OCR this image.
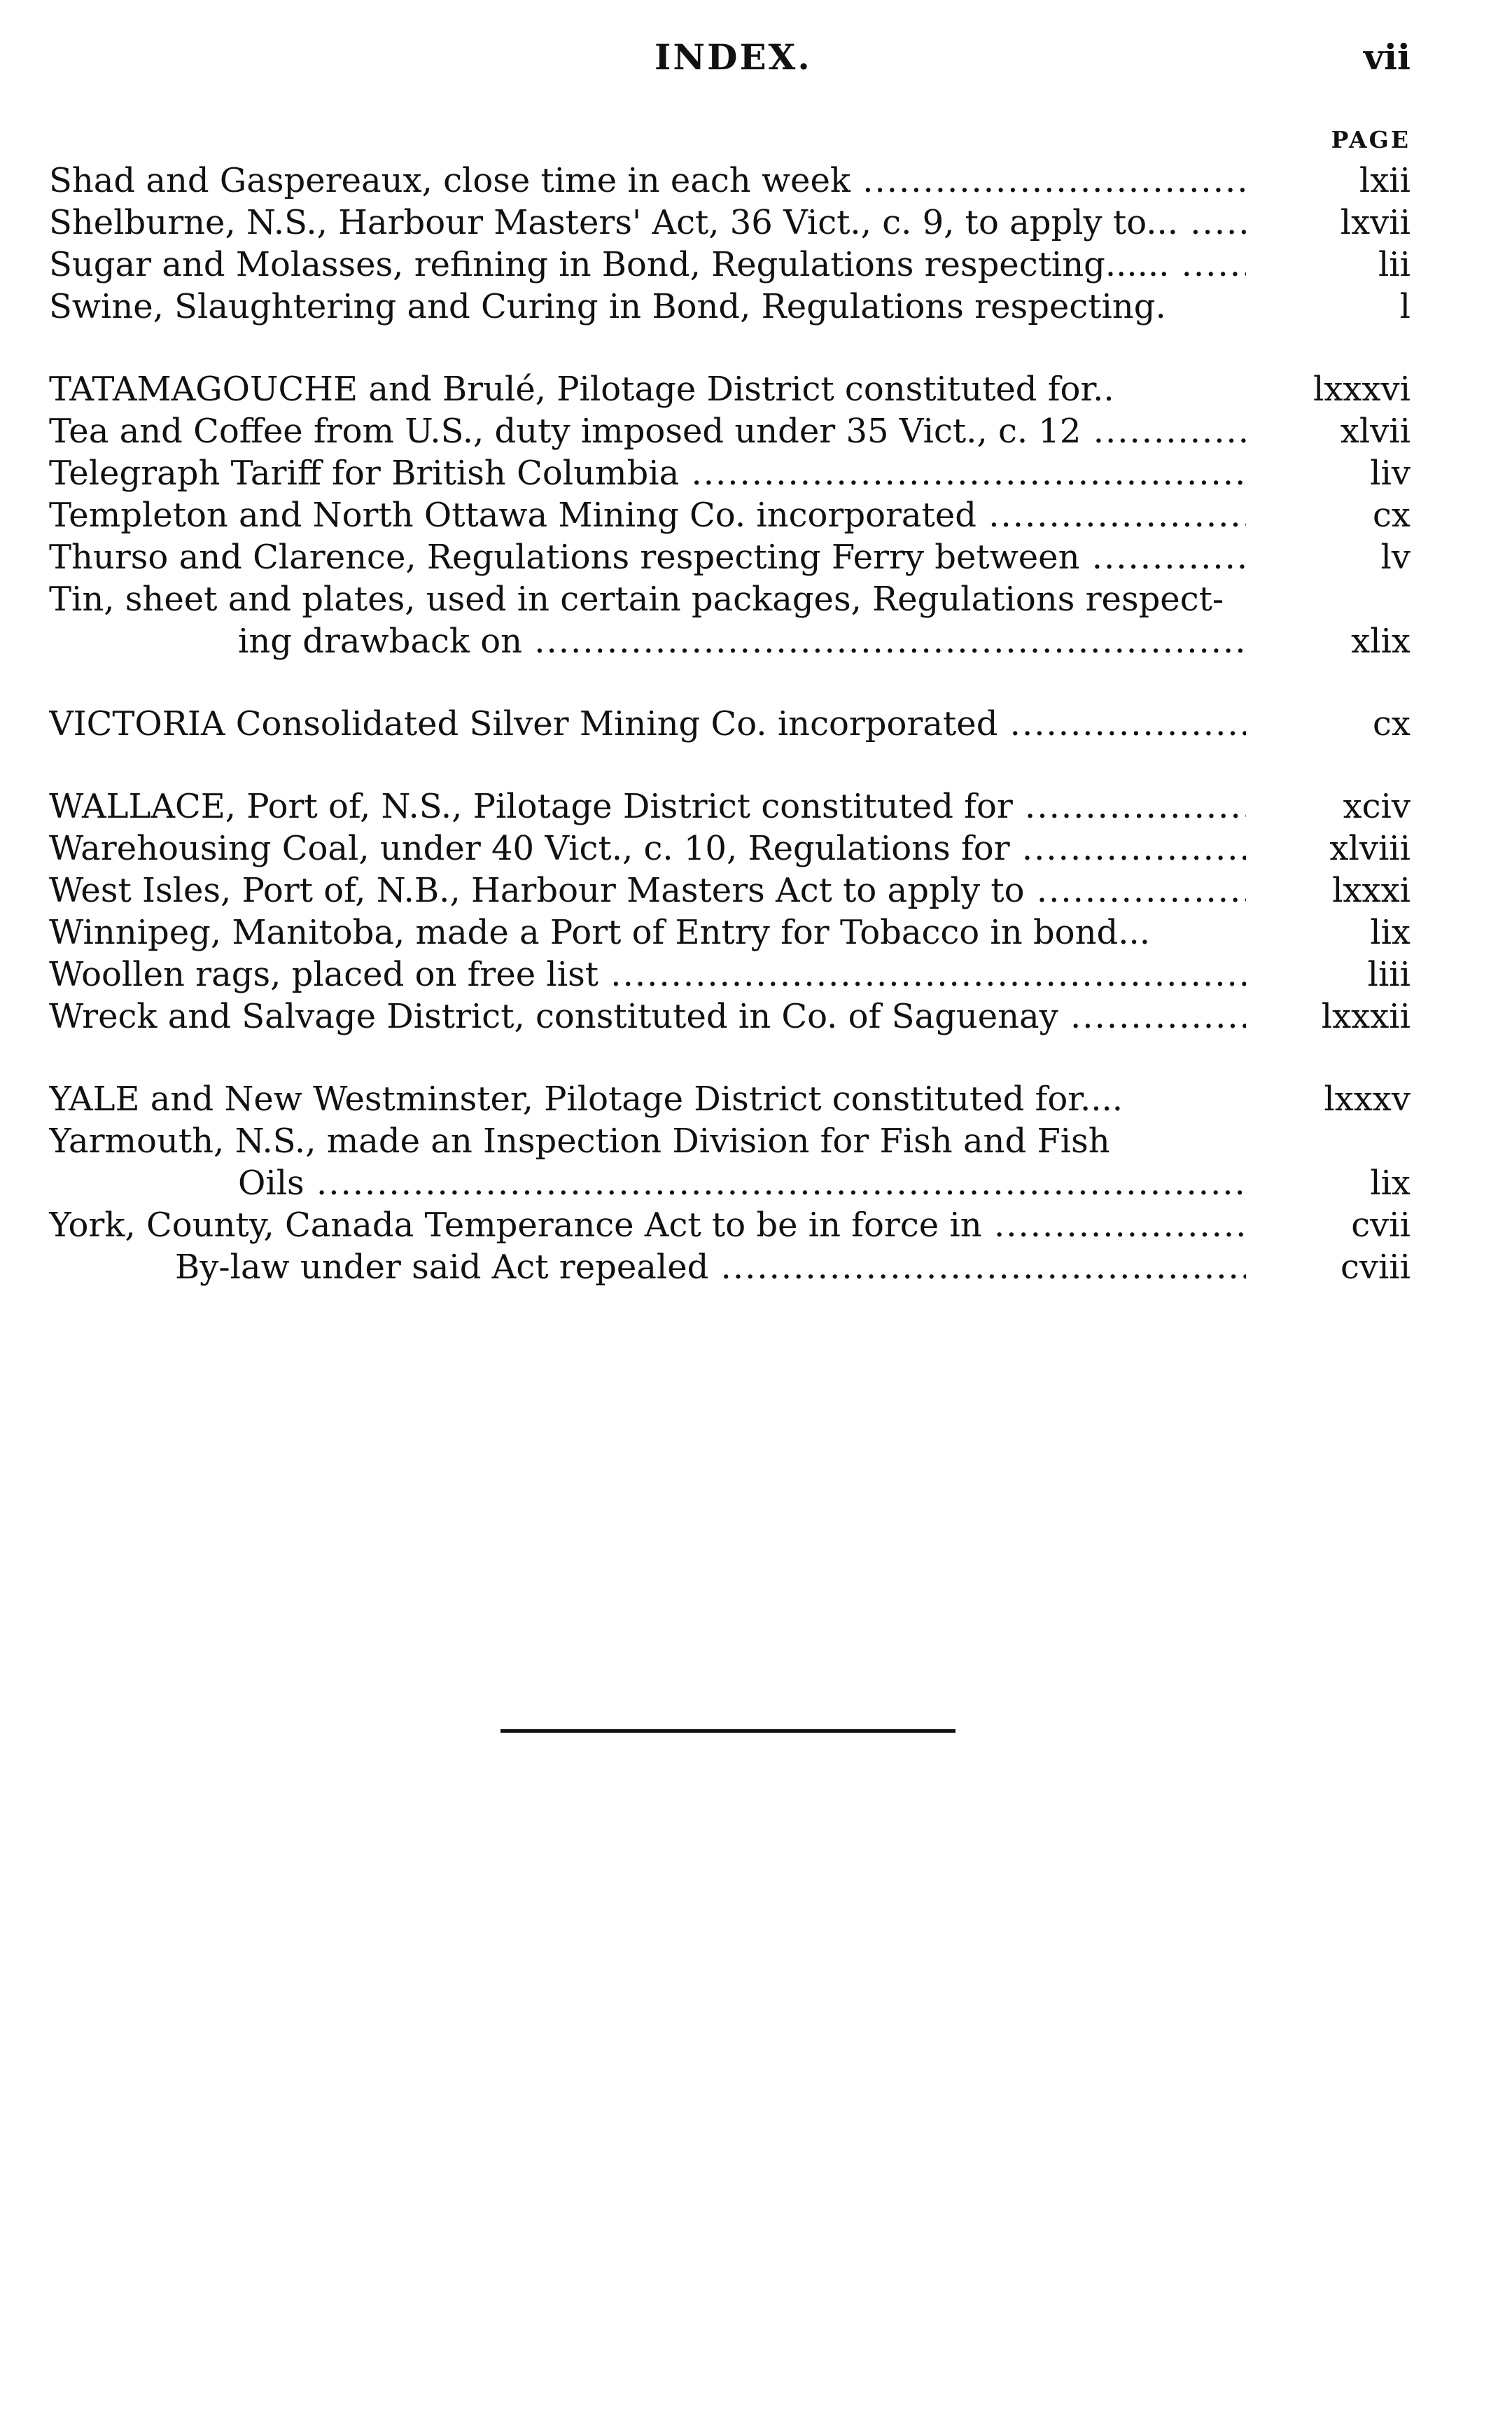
INDEX.	vii
PAGE
Shad and Gaspereaux, close time in each week .....	lxii
Shelburne, N.S., Harbour Masters' Act, 36 Vict., c. 9, to apply to... .....	lxvii
Sugar and Molasses, refining in Bond, Regulations respecting...... .....	lii
Swine, Slaughtering and Curing in Bond, Regulations respecting.	l
TATAMAGOUCHE and Brulé, Pilotage District constituted for..	lxxxvi
Tea and Coffee from U.S., duty imposed under 35 Vict., c. 12 .....	xlvii
Telegraph Tariff for British Columbia .....	liv
Templeton and North Ottawa Mining Co. incorporated .....	cx
Thurso and Clarence, Regulations respecting Ferry between .....	lv
Tin, sheet and plates, used in certain packages, Regulations respect-
ing drawback on .....	xlix
VICTORIA Consolidated Silver Mining Co. incorporated .....	cx
WALLACE, Port of, N.S., Pilotage District constituted for .....	xciv
Warehousing Coal, under 40 Vict., c. 10, Regulations for .....	xlviii
West Isles, Port of, N.B., Harbour Masters Act to apply to .....	lxxxi
Winnipeg, Manitoba, made a Port of Entry for Tobacco in bond...	lix
Woollen rags, placed on free list .....	liii
Wreck and Salvage District, constituted in Co. of Saguenay .....	lxxxii
YALE and New Westminster, Pilotage District constituted for....	lxxxv
Yarmouth, N.S., made an Inspection Division for Fish and Fish
Oils .....	lix
York, County, Canada Temperance Act to be in force in .....	cvii
By-law under said Act repealed .....	cviii
